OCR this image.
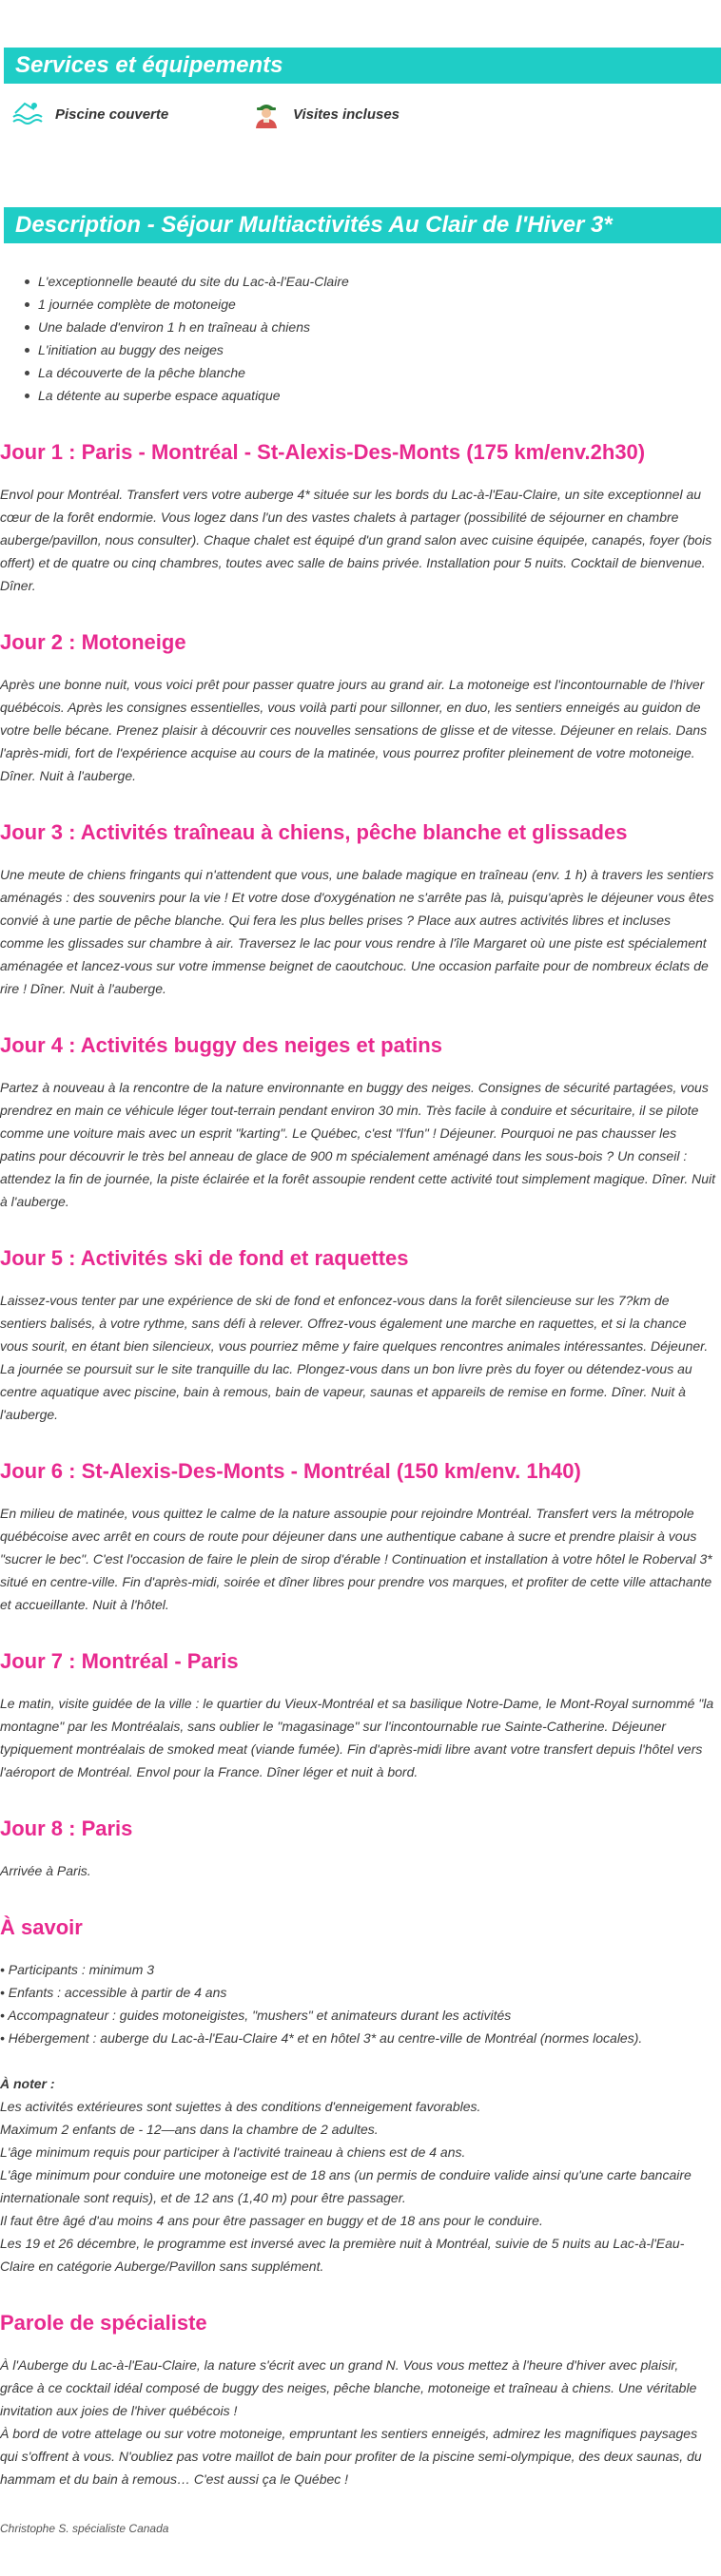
Services et équipements
Piscine couverte	Visites incluses
Description - Séjour Multiactivités Au Clair de l'Hiver 3*
L'exceptionnelle beauté du site du Lac-à-l'Eau-Claire
1 journée complète de motoneige
Une balade d'environ 1 h en traîneau à chiens
L'initiation au buggy des neiges
La découverte de la pêche blanche
La détente au superbe espace aquatique
Jour 1 : Paris - Montréal - St-Alexis-Des-Monts (175 km/env.2h30)
Envol pour Montréal. Transfert vers votre auberge 4* située sur les bords du Lac-à-l'Eau-Claire, un site exceptionnel au cœur de la forêt endormie. Vous logez dans l'un des vastes chalets à partager (possibilité de séjourner en chambre auberge/pavillon, nous consulter). Chaque chalet est équipé d'un grand salon avec cuisine équipée, canapés, foyer (bois offert) et de quatre ou cinq chambres, toutes avec salle de bains privée. Installation pour 5 nuits. Cocktail de bienvenue. Dîner.
Jour 2 : Motoneige
Après une bonne nuit, vous voici prêt pour passer quatre jours au grand air. La motoneige est l'incontournable de l'hiver québécois. Après les consignes essentielles, vous voilà parti pour sillonner, en duo, les sentiers enneigés au guidon de votre belle bécane. Prenez plaisir à découvrir ces nouvelles sensations de glisse et de vitesse. Déjeuner en relais. Dans l'après-midi, fort de l'expérience acquise au cours de la matinée, vous pourrez profiter pleinement de votre motoneige. Dîner. Nuit à l'auberge.
Jour 3 : Activités traîneau à chiens, pêche blanche et glissades
Une meute de chiens fringants qui n'attendent que vous, une balade magique en traîneau (env. 1 h) à travers les sentiers aménagés : des souvenirs pour la vie ! Et votre dose d'oxygénation ne s'arrête pas là, puisqu'après le déjeuner vous êtes convié à une partie de pêche blanche. Qui fera les plus belles prises ? Place aux autres activités libres et incluses comme les glissades sur chambre à air. Traversez le lac pour vous rendre à l'île Margaret où une piste est spécialement aménagée et lancez-vous sur votre immense beignet de caoutchouc. Une occasion parfaite pour de nombreux éclats de rire ! Dîner. Nuit à l'auberge.
Jour 4 : Activités buggy des neiges et patins
Partez à nouveau à la rencontre de la nature environnante en buggy des neiges. Consignes de sécurité partagées, vous prendrez en main ce véhicule léger tout-terrain pendant environ 30 min. Très facile à conduire et sécuritaire, il se pilote comme une voiture mais avec un esprit "karting". Le Québec, c'est "l'fun" ! Déjeuner. Pourquoi ne pas chausser les patins pour découvrir le très bel anneau de glace de 900 m spécialement aménagé dans les sous-bois ? Un conseil : attendez la fin de journée, la piste éclairée et la forêt assoupie rendent cette activité tout simplement magique. Dîner. Nuit à l'auberge.
Jour 5 : Activités ski de fond et raquettes
Laissez-vous tenter par une expérience de ski de fond et enfoncez-vous dans la forêt silencieuse sur les 7?km de sentiers balisés, à votre rythme, sans défi à relever. Offrez-vous également une marche en raquettes, et si la chance vous sourit, en étant bien silencieux, vous pourriez même y faire quelques rencontres animales intéressantes. Déjeuner. La journée se poursuit sur le site tranquille du lac. Plongez-vous dans un bon livre près du foyer ou détendez-vous au centre aquatique avec piscine, bain à remous, bain de vapeur, saunas et appareils de remise en forme. Dîner. Nuit à l'auberge.
Jour 6 : St-Alexis-Des-Monts - Montréal (150 km/env. 1h40)
En milieu de matinée, vous quittez le calme de la nature assoupie pour rejoindre Montréal. Transfert vers la métropole québécoise avec arrêt en cours de route pour déjeuner dans une authentique cabane à sucre et prendre plaisir à vous "sucrer le bec". C'est l'occasion de faire le plein de sirop d'érable ! Continuation et installation à votre hôtel le Roberval 3* situé en centre-ville. Fin d'après-midi, soirée et dîner libres pour prendre vos marques, et profiter de cette ville attachante et accueillante. Nuit à l'hôtel.
Jour 7 : Montréal - Paris
Le matin, visite guidée de la ville : le quartier du Vieux-Montréal et sa basilique Notre-Dame, le Mont-Royal surnommé "la montagne" par les Montréalais, sans oublier le "magasinage" sur l'incontournable rue Sainte-Catherine. Déjeuner typiquement montréalais de smoked meat (viande fumée). Fin d'après-midi libre avant votre transfert depuis l'hôtel vers l'aéroport de Montréal. Envol pour la France. Dîner léger et nuit à bord.
Jour 8 : Paris
Arrivée à Paris.
À savoir
• Participants : minimum 3
• Enfants : accessible à partir de 4 ans
• Accompagnateur : guides motoneigistes, "mushers" et animateurs durant les activités
• Hébergement : auberge du Lac-à-l'Eau-Claire 4* et en hôtel 3* au centre-ville de Montréal (normes locales).
À noter :
Les activités extérieures sont sujettes à des conditions d'enneigement favorables.
Maximum 2 enfants de - 12—ans dans la chambre de 2 adultes.
L'âge minimum requis pour participer à l'activité traineau à chiens est de 4 ans.
L'âge minimum pour conduire une motoneige est de 18 ans (un permis de conduire valide ainsi qu'une carte bancaire internationale sont requis), et de 12 ans (1,40 m) pour être passager.
Il faut être âgé d'au moins 4 ans pour être passager en buggy et de 18 ans pour le conduire.
Les 19 et 26 décembre, le programme est inversé avec la première nuit à Montréal, suivie de 5 nuits au Lac-à-l'Eau-Claire en catégorie Auberge/Pavillon sans supplément.
Parole de spécialiste
À l'Auberge du Lac-à-l'Eau-Claire, la nature s'écrit avec un grand N. Vous vous mettez à l'heure d'hiver avec plaisir, grâce à ce cocktail idéal composé de buggy des neiges, pêche blanche, motoneige et traîneau à chiens. Une véritable invitation aux joies de l'hiver québécois !
À bord de votre attelage ou sur votre motoneige, empruntant les sentiers enneigés, admirez les magnifiques paysages qui s'offrent à vous. N'oubliez pas votre maillot de bain pour profiter de la piscine semi-olympique, des deux saunas, du hammam et du bain à remous… C'est aussi ça le Québec !
Christophe S. spécialiste Canada
